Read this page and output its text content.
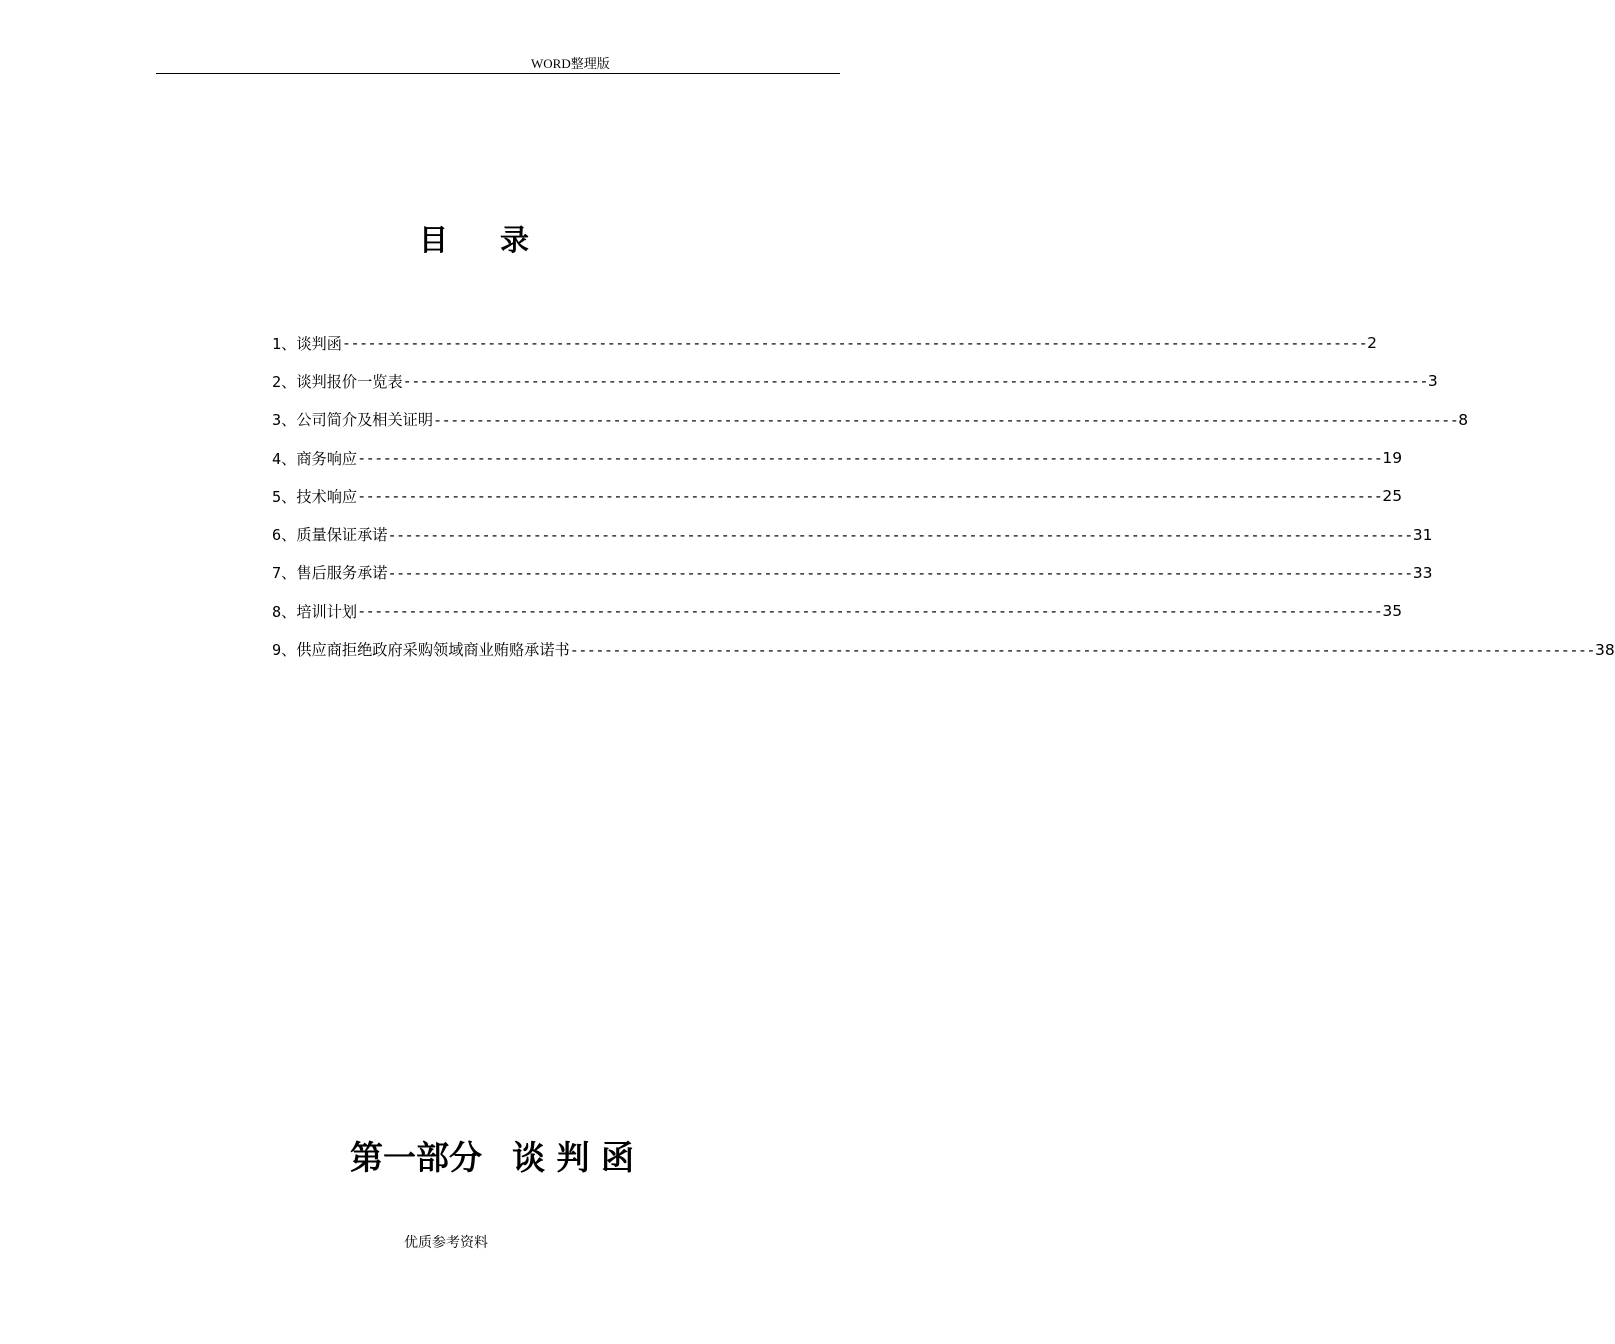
WORD整理版
目录
1、谈判函 ------------------------------------------------------------------------------------------------------------------------ 2
2、谈判报价一览表 ------------------------------------------------------------------------------------------------------------------------ 3
3、公司简介及相关证明 ------------------------------------------------------------------------------------------------------------------------ 8
4、商务响应 ------------------------------------------------------------------------------------------------------------------------ 19
5、技术响应 ------------------------------------------------------------------------------------------------------------------------ 25
6、质量保证承诺 ------------------------------------------------------------------------------------------------------------------------ 31
7、售后服务承诺 ------------------------------------------------------------------------------------------------------------------------ 33
8、培训计划 ------------------------------------------------------------------------------------------------------------------------ 35
9、供应商拒绝政府采购领域商业贿赂承诺书 ------------------------------------------------------------------------------------------------------------------------ 38
第一部分 谈 判 函
优质参考资料
